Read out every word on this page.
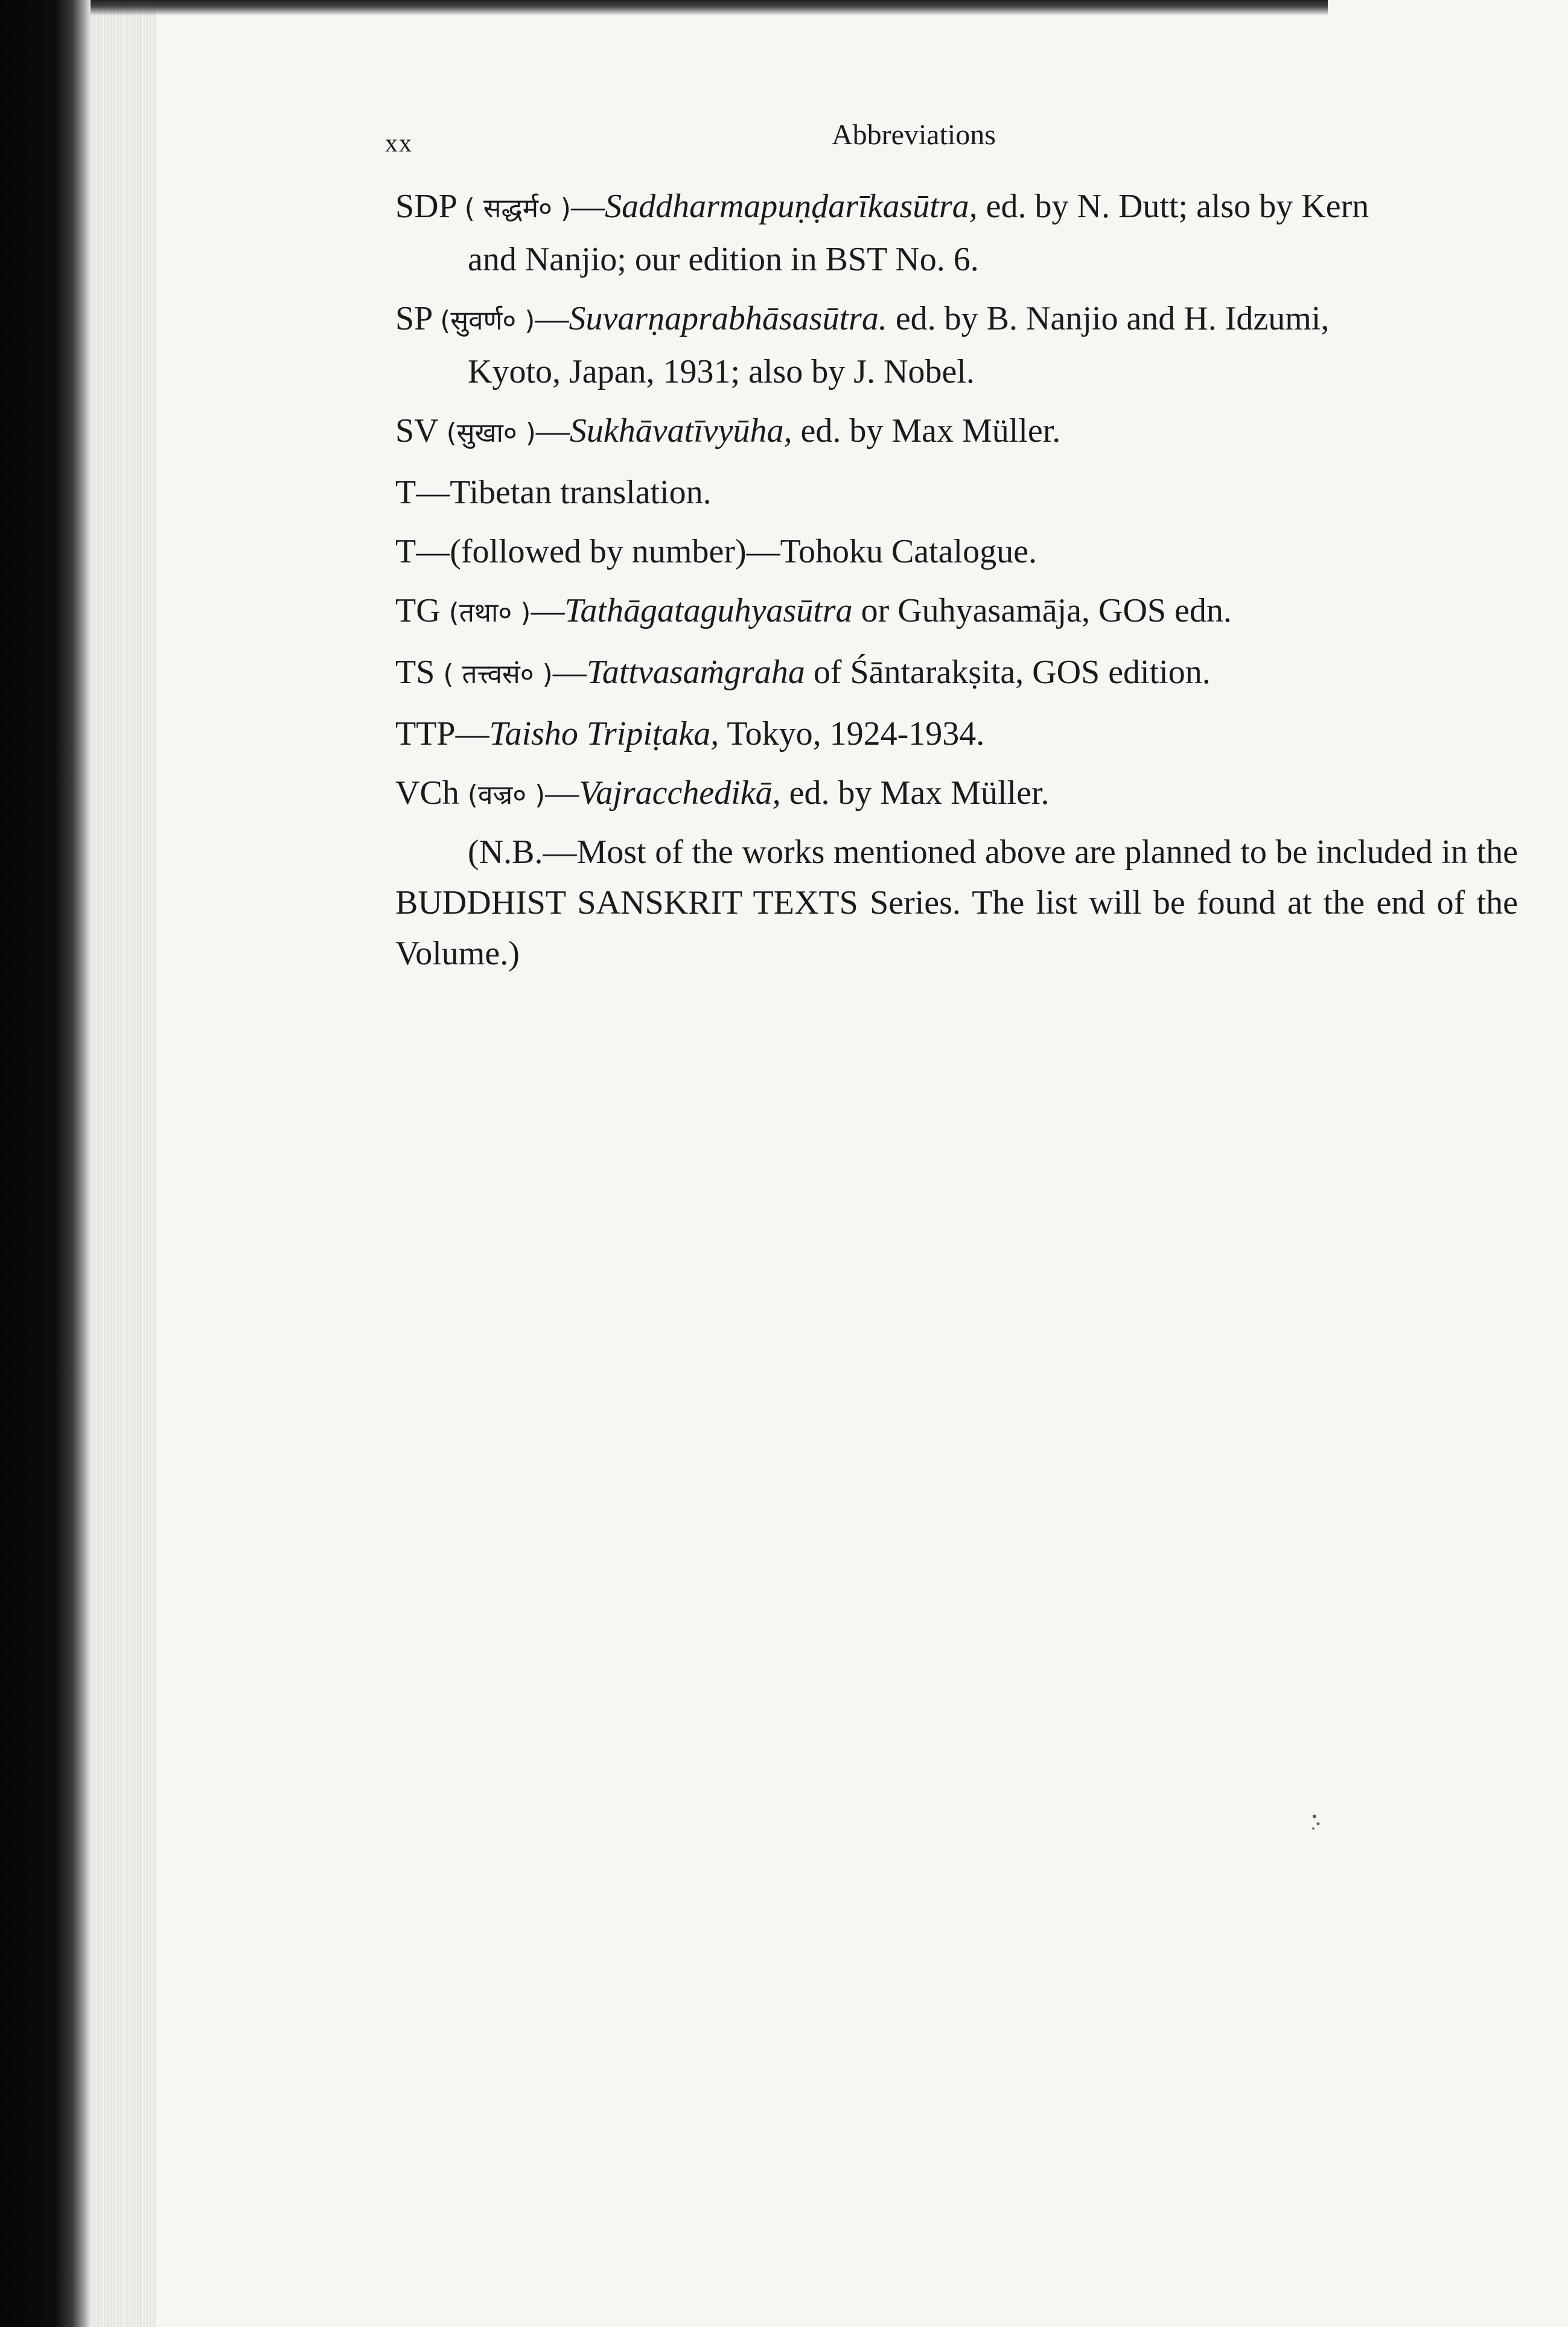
xx	Abbreviations
SDP ( सद्धर्म० )—Saddharmapuṇḍarīkasūtra, ed. by N. Dutt; also by Kern
and Nanjio; our edition in BST No. 6.
SP (सुवर्ण० )—Suvarṇaprabhāsasūtra. ed. by B. Nanjio and H. Idzumi,
Kyoto, Japan, 1931; also by J. Nobel.
SV (सुखा० )—Sukhāvatīvyūha, ed. by Max Müller.
T—Tibetan translation.
T—(followed by number)—Tohoku Catalogue.
TG (तथा० )—Tathāgataguhyasūtra or Guhyasamāja, GOS edn.
TS ( तत्त्वसं० )—Tattvasaṁgraha of Śāntarakṣita, GOS edition.
TTP—Taisho Tripiṭaka, Tokyo, 1924-1934.
VCh (वज्र० )—Vajracchedikā, ed. by Max Müller.

(N.B.—Most of the works mentioned above are planned to be included in the BUDDHIST SANSKRIT TEXTS Series. The list will be found at the end of the Volume.)
